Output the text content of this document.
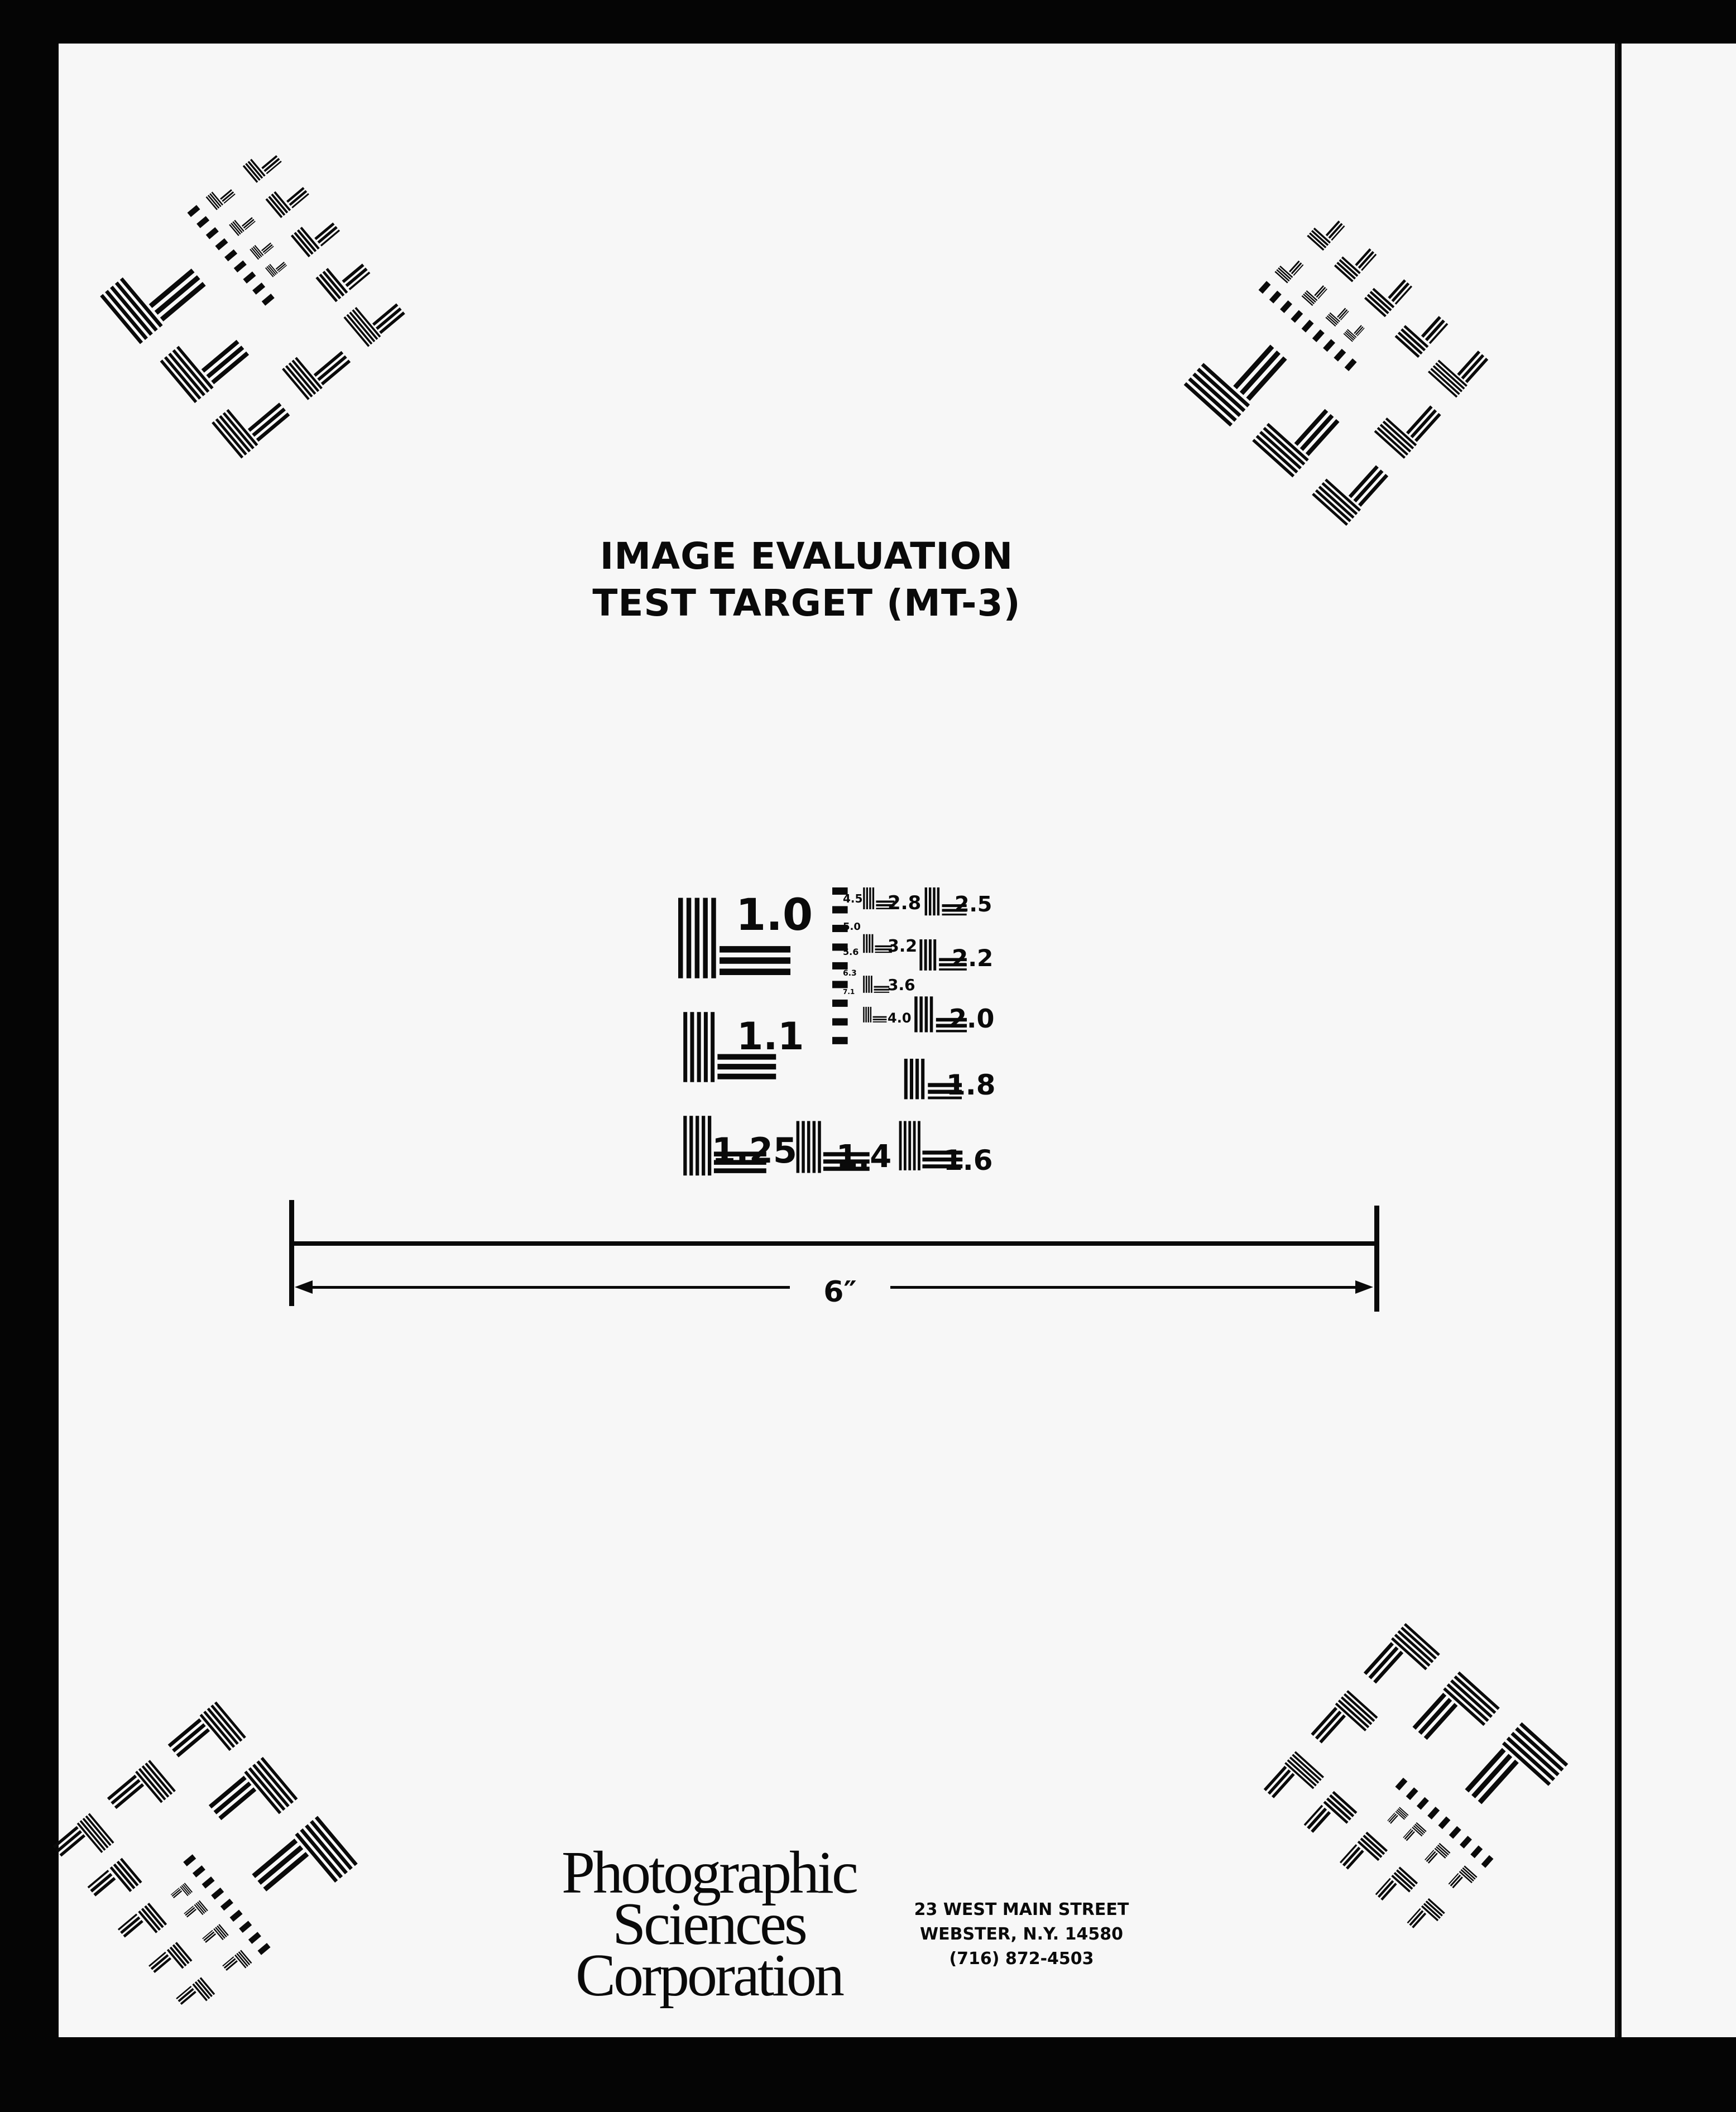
1.0
1.1
1.25 1.4 1.6
1.8
2.0
2.2
2.5
2.8
3.2
3.6
4.0
4.5
5.0
5.6
6.3
7.1
IMAGE EVALUATION
TEST TARGET (MT-3)
6″
Photographic
Sciences
Corporation
23 WEST MAIN STREET
WEBSTER, N.Y. 14580
(716) 872-4503
